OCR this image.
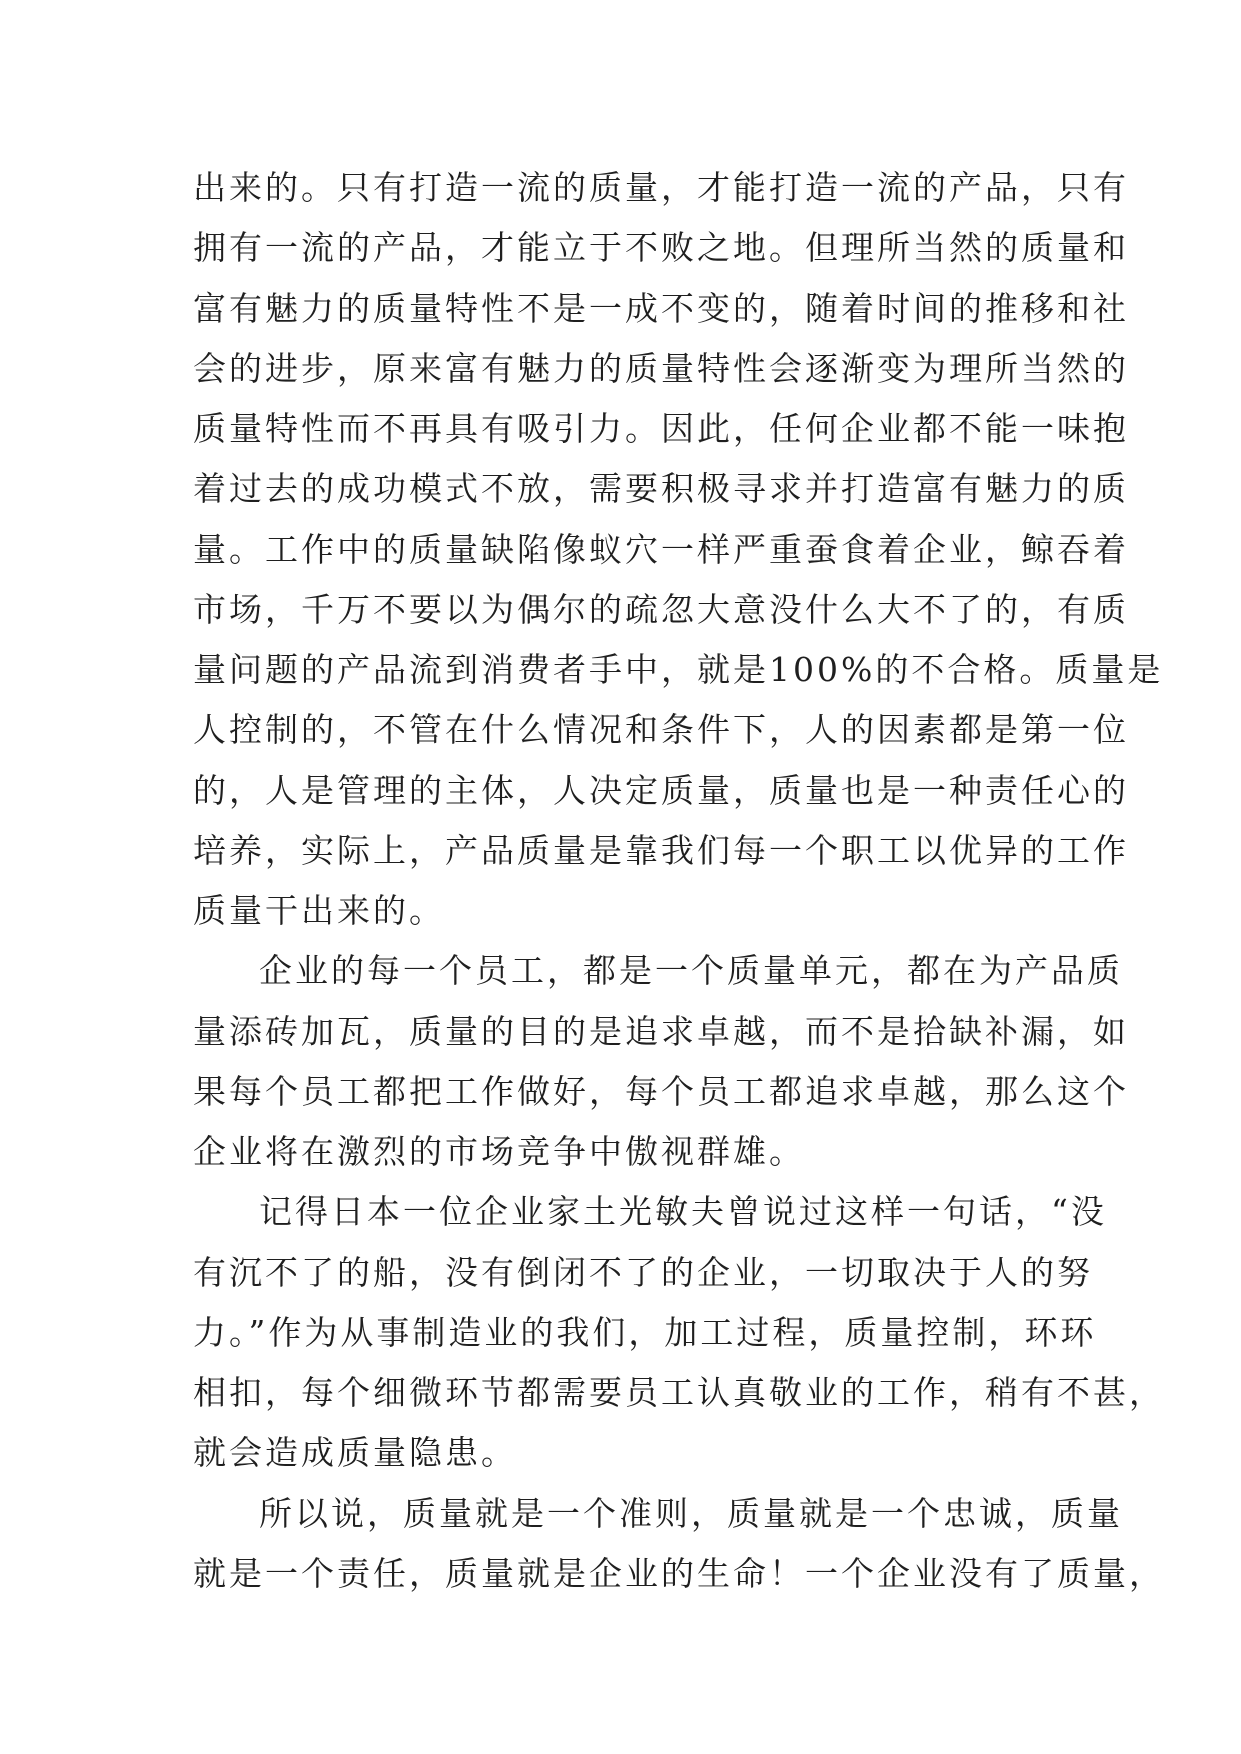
出来的。只有打造一流的质量，才能打造一流的产品，只有
拥有一流的产品，才能立于不败之地。但理所当然的质量和
富有魅力的质量特性不是一成不变的，随着时间的推移和社
会的进步，原来富有魅力的质量特性会逐渐变为理所当然的
质量特性而不再具有吸引力。因此，任何企业都不能一味抱
着过去的成功模式不放，需要积极寻求并打造富有魅力的质
量。工作中的质量缺陷像蚁穴一样严重蚕食着企业，鲸吞着
市场，千万不要以为偶尔的疏忽大意没什么大不了的，有质
量问题的产品流到消费者手中，就是100%的不合格。质量是
人控制的，不管在什么情况和条件下，人的因素都是第一位
的，人是管理的主体，人决定质量，质量也是一种责任心的
培养，实际上，产品质量是靠我们每一个职工以优异的工作
质量干出来的。
企业的每一个员工，都是一个质量单元，都在为产品质
量添砖加瓦，质量的目的是追求卓越，而不是拾缺补漏，如
果每个员工都把工作做好，每个员工都追求卓越，那么这个
企业将在激烈的市场竞争中傲视群雄。
记得日本一位企业家土光敏夫曾说过这样一句话，“没
有沉不了的船，没有倒闭不了的企业，一切取决于人的努
力。”作为从事制造业的我们，加工过程，质量控制，环环
相扣，每个细微环节都需要员工认真敬业的工作，稍有不甚，
就会造成质量隐患。
所以说，质量就是一个准则，质量就是一个忠诚，质量
就是一个责任，质量就是企业的生命！一个企业没有了质量，
